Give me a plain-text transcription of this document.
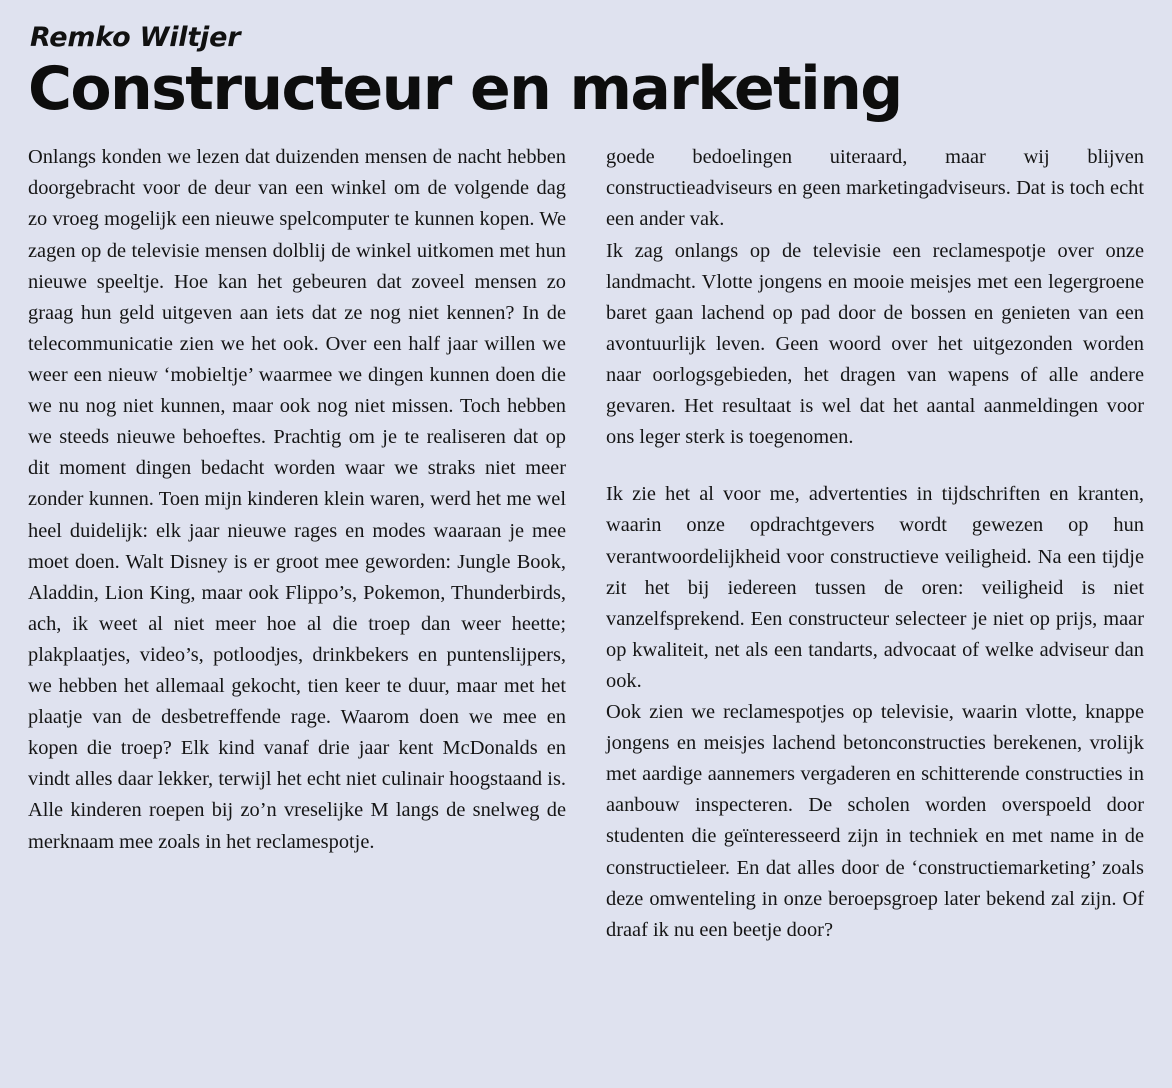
Remko Wiltjer
Constructeur en marketing

Onlangs konden we lezen dat duizenden mensen de nacht hebben doorgebracht voor de deur van een winkel om de volgende dag zo vroeg mogelijk een nieuwe spelcomputer te kunnen kopen. We zagen op de televisie mensen dolblij de winkel uitkomen met hun nieuwe speeltje. Hoe kan het gebeuren dat zoveel mensen zo graag hun geld uitgeven aan iets dat ze nog niet kennen? In de telecommunicatie zien we het ook. Over een half jaar willen we weer een nieuw ‘mobieltje’ waarmee we dingen kunnen doen die we nu nog niet kunnen, maar ook nog niet missen. Toch hebben we steeds nieuwe behoeftes. Prachtig om je te realiseren dat op dit moment dingen bedacht worden waar we straks niet meer zonder kunnen. Toen mijn kinderen klein waren, werd het me wel heel duidelijk: elk jaar nieuwe rages en modes waaraan je mee moet doen. Walt Disney is er groot mee geworden: Jungle Book, Aladdin, Lion King, maar ook Flippo’s, Pokemon, Thunderbirds, ach, ik weet al niet meer hoe al die troep dan weer heette; plakplaatjes, video’s, potloodjes, drinkbekers en puntenslijpers, we hebben het allemaal gekocht, tien keer te duur, maar met het plaatje van de desbetreffende rage. Waarom doen we mee en kopen die troep? Elk kind vanaf drie jaar kent McDonalds en vindt alles daar lekker, terwijl het echt niet culinair hoogstaand is. Alle kinderen roepen bij zo’n vreselijke M langs de snelweg de merknaam mee zoals in het reclamespotje.

goede bedoelingen uiteraard, maar wij blijven constructieadviseurs en geen marketingadviseurs. Dat is toch echt een ander vak.

Ik zag onlangs op de televisie een reclamespotje over onze landmacht. Vlotte jongens en mooie meisjes met een legergroene baret gaan lachend op pad door de bossen en genieten van een avontuurlijk leven. Geen woord over het uitgezonden worden naar oorlogsgebieden, het dragen van wapens of alle andere gevaren. Het resultaat is wel dat het aantal aanmeldingen voor ons leger sterk is toegenomen.

Ik zie het al voor me, advertenties in tijdschriften en kranten, waarin onze opdrachtgevers wordt gewezen op hun verantwoordelijkheid voor constructieve veiligheid. Na een tijdje zit het bij iedereen tussen de oren: veiligheid is niet vanzelfsprekend. Een constructeur selecteer je niet op prijs, maar op kwaliteit, net als een tandarts, advocaat of welke adviseur dan ook.

Ook zien we reclamespotjes op televisie, waarin vlotte, knappe jongens en meisjes lachend betonconstructies berekenen, vrolijk met aardige aannemers vergaderen en schitterende constructies in aanbouw inspecteren. De scholen worden overspoeld door studenten die geïnteresseerd zijn in techniek en met name in de constructieleer. En dat alles door de ‘constructiemarketing’ zoals deze omwenteling in onze beroepsgroep later bekend zal zijn. Of draaf ik nu een beetje door?
